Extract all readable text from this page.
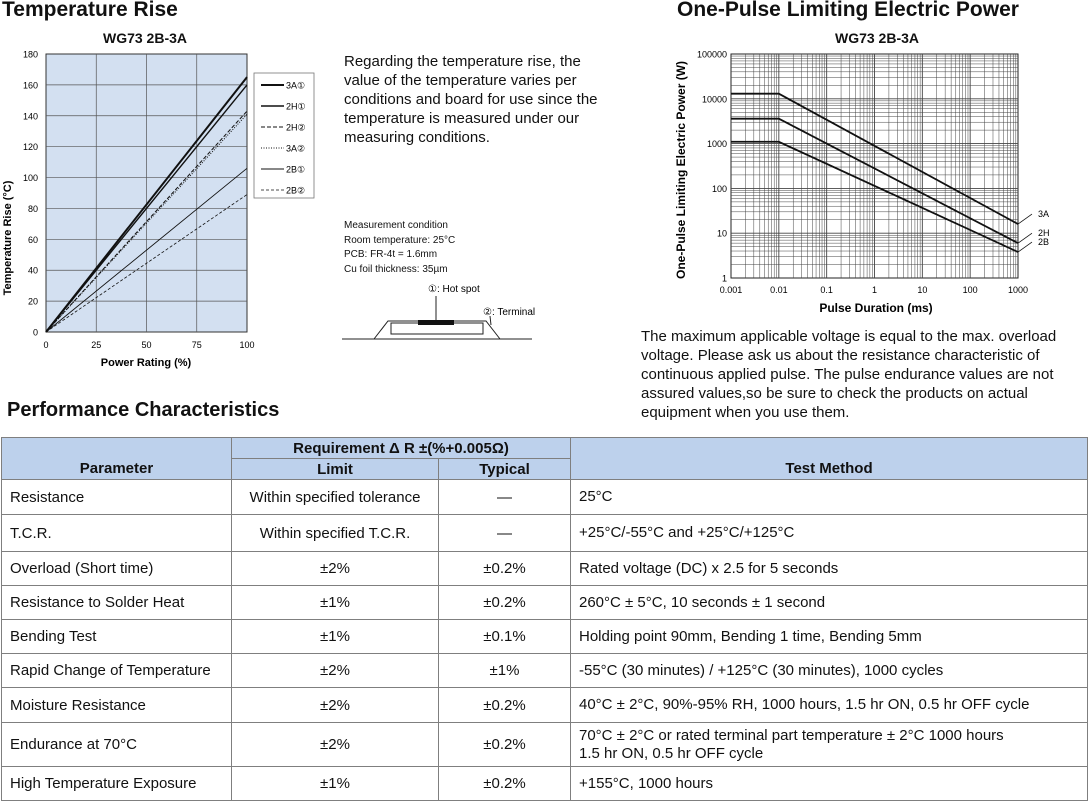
Temperature Rise
WG73 2B-3A
0
20
40
60
80
100
120
140
160
180
0	25	50	75	100
Power Rating (%)
Temperature Rise (°C)
3A①
2H①
2H②
3A②
2B①
2B②
Regarding the temperature rise, the value of the temperature varies per conditions and board for use since the temperature is measured under our measuring conditions.
Measurement condition
Room temperature: 25°C
PCB: FR-4t = 1.6mm
Cu foil thickness: 35µm
①: Hot spot
②: Terminal
One-Pulse Limiting Electric Power
WG73 2B-3A
3A
2H
2B
1
10
100
1000
10000
100000
0.001	0.01	0.1	1	10	100	1000
Pulse Duration (ms)
One-Pulse Limiting Electric Power (W)
The maximum applicable voltage is equal to the max. overload voltage. Please ask us about the resistance characteristic of continuous applied pulse. The pulse endurance values are not assured values,so be sure to check the products on actual equipment when you use them.
Performance Characteristics
Parameter	Requirement Δ R ±(%+0.005Ω)		Test Method
	Limit	Typical	
Resistance	Within specified tolerance	—	25°C

T.C.R.	Within specified T.C.R.	—	+25°C/-55°C and +25°C/+125°C

Overload (Short time)	±2%	±0.2%	Rated voltage (DC) x 2.5 for 5 seconds

Resistance to Solder Heat	±1%	±0.2%	260°C ± 5°C, 10 seconds ± 1 second

Bending Test	±1%	±0.1%	Holding point 90mm, Bending 1 time, Bending 5mm

Rapid Change of Temperature	±2%	±1%	-55°C (30 minutes) / +125°C (30 minutes), 1000 cycles

Moisture Resistance	±2%	±0.2%	40°C ± 2°C, 90%-95% RH, 1000 hours, 1.5 hr ON, 0.5 hr OFF cycle

Endurance at 70°C	±2%	±0.2%	70°C ± 2°C or rated terminal part temperature ± 2°C 1000 hours
1.5 hr ON, 0.5 hr OFF cycle

High Temperature Exposure	±1%	±0.2%	+155°C, 1000 hours
